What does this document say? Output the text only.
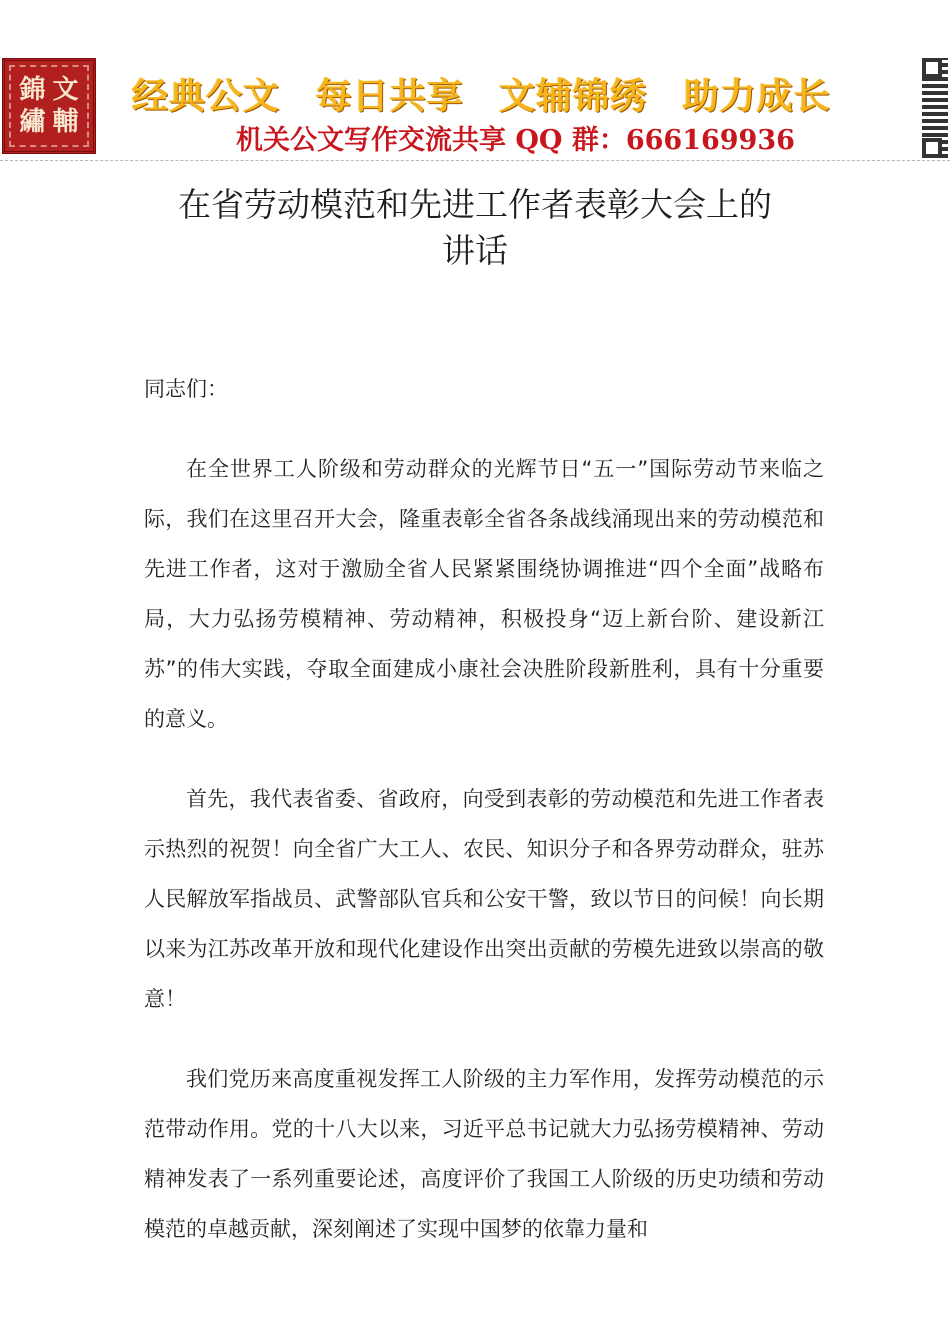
錦 文
繡 輔
经典公文 每日共享 文辅锦绣 助力成长
机关公文写作交流共享 QQ 群：666169936
在省劳动模范和先进工作者表彰大会上的
讲话

同志们：

在全世界工人阶级和劳动群众的光辉节日“五一”国际劳动节来临之际，我们在这里召开大会，隆重表彰全省各条战线涌现出来的劳动模范和先进工作者，这对于激励全省人民紧紧围绕协调推进“四个全面”战略布局，大力弘扬劳模精神、劳动精神，积极投身“迈上新台阶、建设新江苏”的伟大实践，夺取全面建成小康社会决胜阶段新胜利，具有十分重要的意义。

首先，我代表省委、省政府，向受到表彰的劳动模范和先进工作者表示热烈的祝贺！向全省广大工人、农民、知识分子和各界劳动群众，驻苏人民解放军指战员、武警部队官兵和公安干警，致以节日的问候！向长期以来为江苏改革开放和现代化建设作出突出贡献的劳模先进致以崇高的敬意！

我们党历来高度重视发挥工人阶级的主力军作用，发挥劳动模范的示范带动作用。党的十八大以来，习近平总书记就大力弘扬劳模精神、劳动精神发表了一系列重要论述，高度评价了我国工人阶级的历史功绩和劳动模范的卓越贡献，深刻阐述了实现中国梦的依靠力量和
